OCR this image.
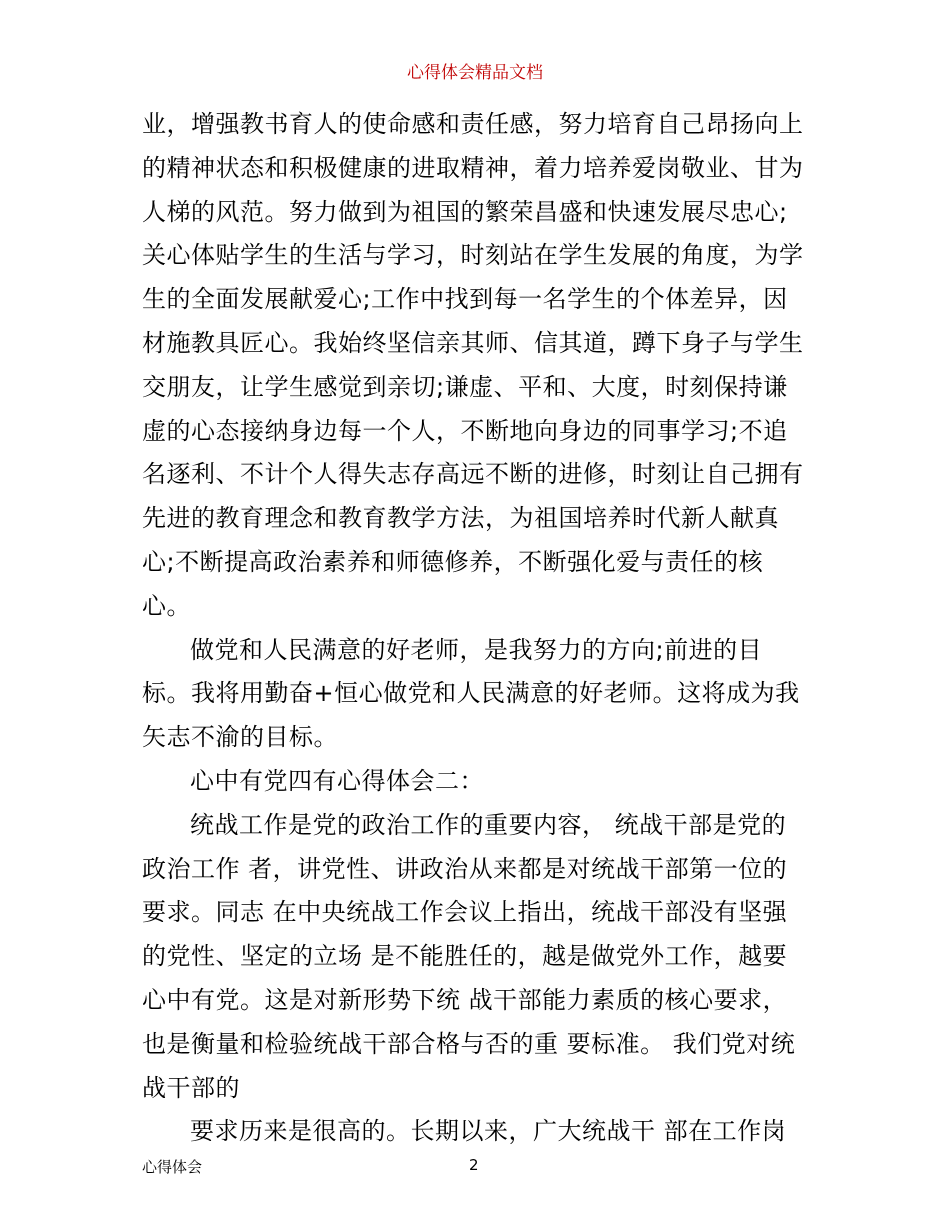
心得体会精品文档
业，增强教书育人的使命感和责任感，努力培育自己昂扬向上
的精神状态和积极健康的进取精神，着力培养爱岗敬业、甘为
人梯的风范。努力做到为祖国的繁荣昌盛和快速发展尽忠心;
关心体贴学生的生活与学习，时刻站在学生发展的角度，为学
生的全面发展献爱心;工作中找到每一名学生的个体差异，因
材施教具匠心。我始终坚信亲其师、信其道，蹲下身子与学生
交朋友，让学生感觉到亲切;谦虚、平和、大度，时刻保持谦
虚的心态接纳身边每一个人，不断地向身边的同事学习;不追
名逐利、不计个人得失志存高远不断的进修，时刻让自己拥有
先进的教育理念和教育教学方法，为祖国培养时代新人献真
心;不断提高政治素养和师德修养，不断强化爱与责任的核
心。
做党和人民满意的好老师，是我努力的方向;前进的目
标。我将用勤奋+恒心做党和人民满意的好老师。这将成为我
矢志不渝的目标。
心中有党四有心得体会二：
统战工作是党的政治工作的重要内容， 统战干部是党的
政治工作 者，讲党性、讲政治从来都是对统战干部第一位的
要求。同志 在中央统战工作会议上指出，统战干部没有坚强
的党性、坚定的立场 是不能胜任的，越是做党外工作，越要
心中有党。这是对新形势下统 战干部能力素质的核心要求，
也是衡量和检验统战干部合格与否的重 要标准。 我们党对统
战干部的
要求历来是很高的。长期以来，广大统战干 部在工作岗
心得体会	2
